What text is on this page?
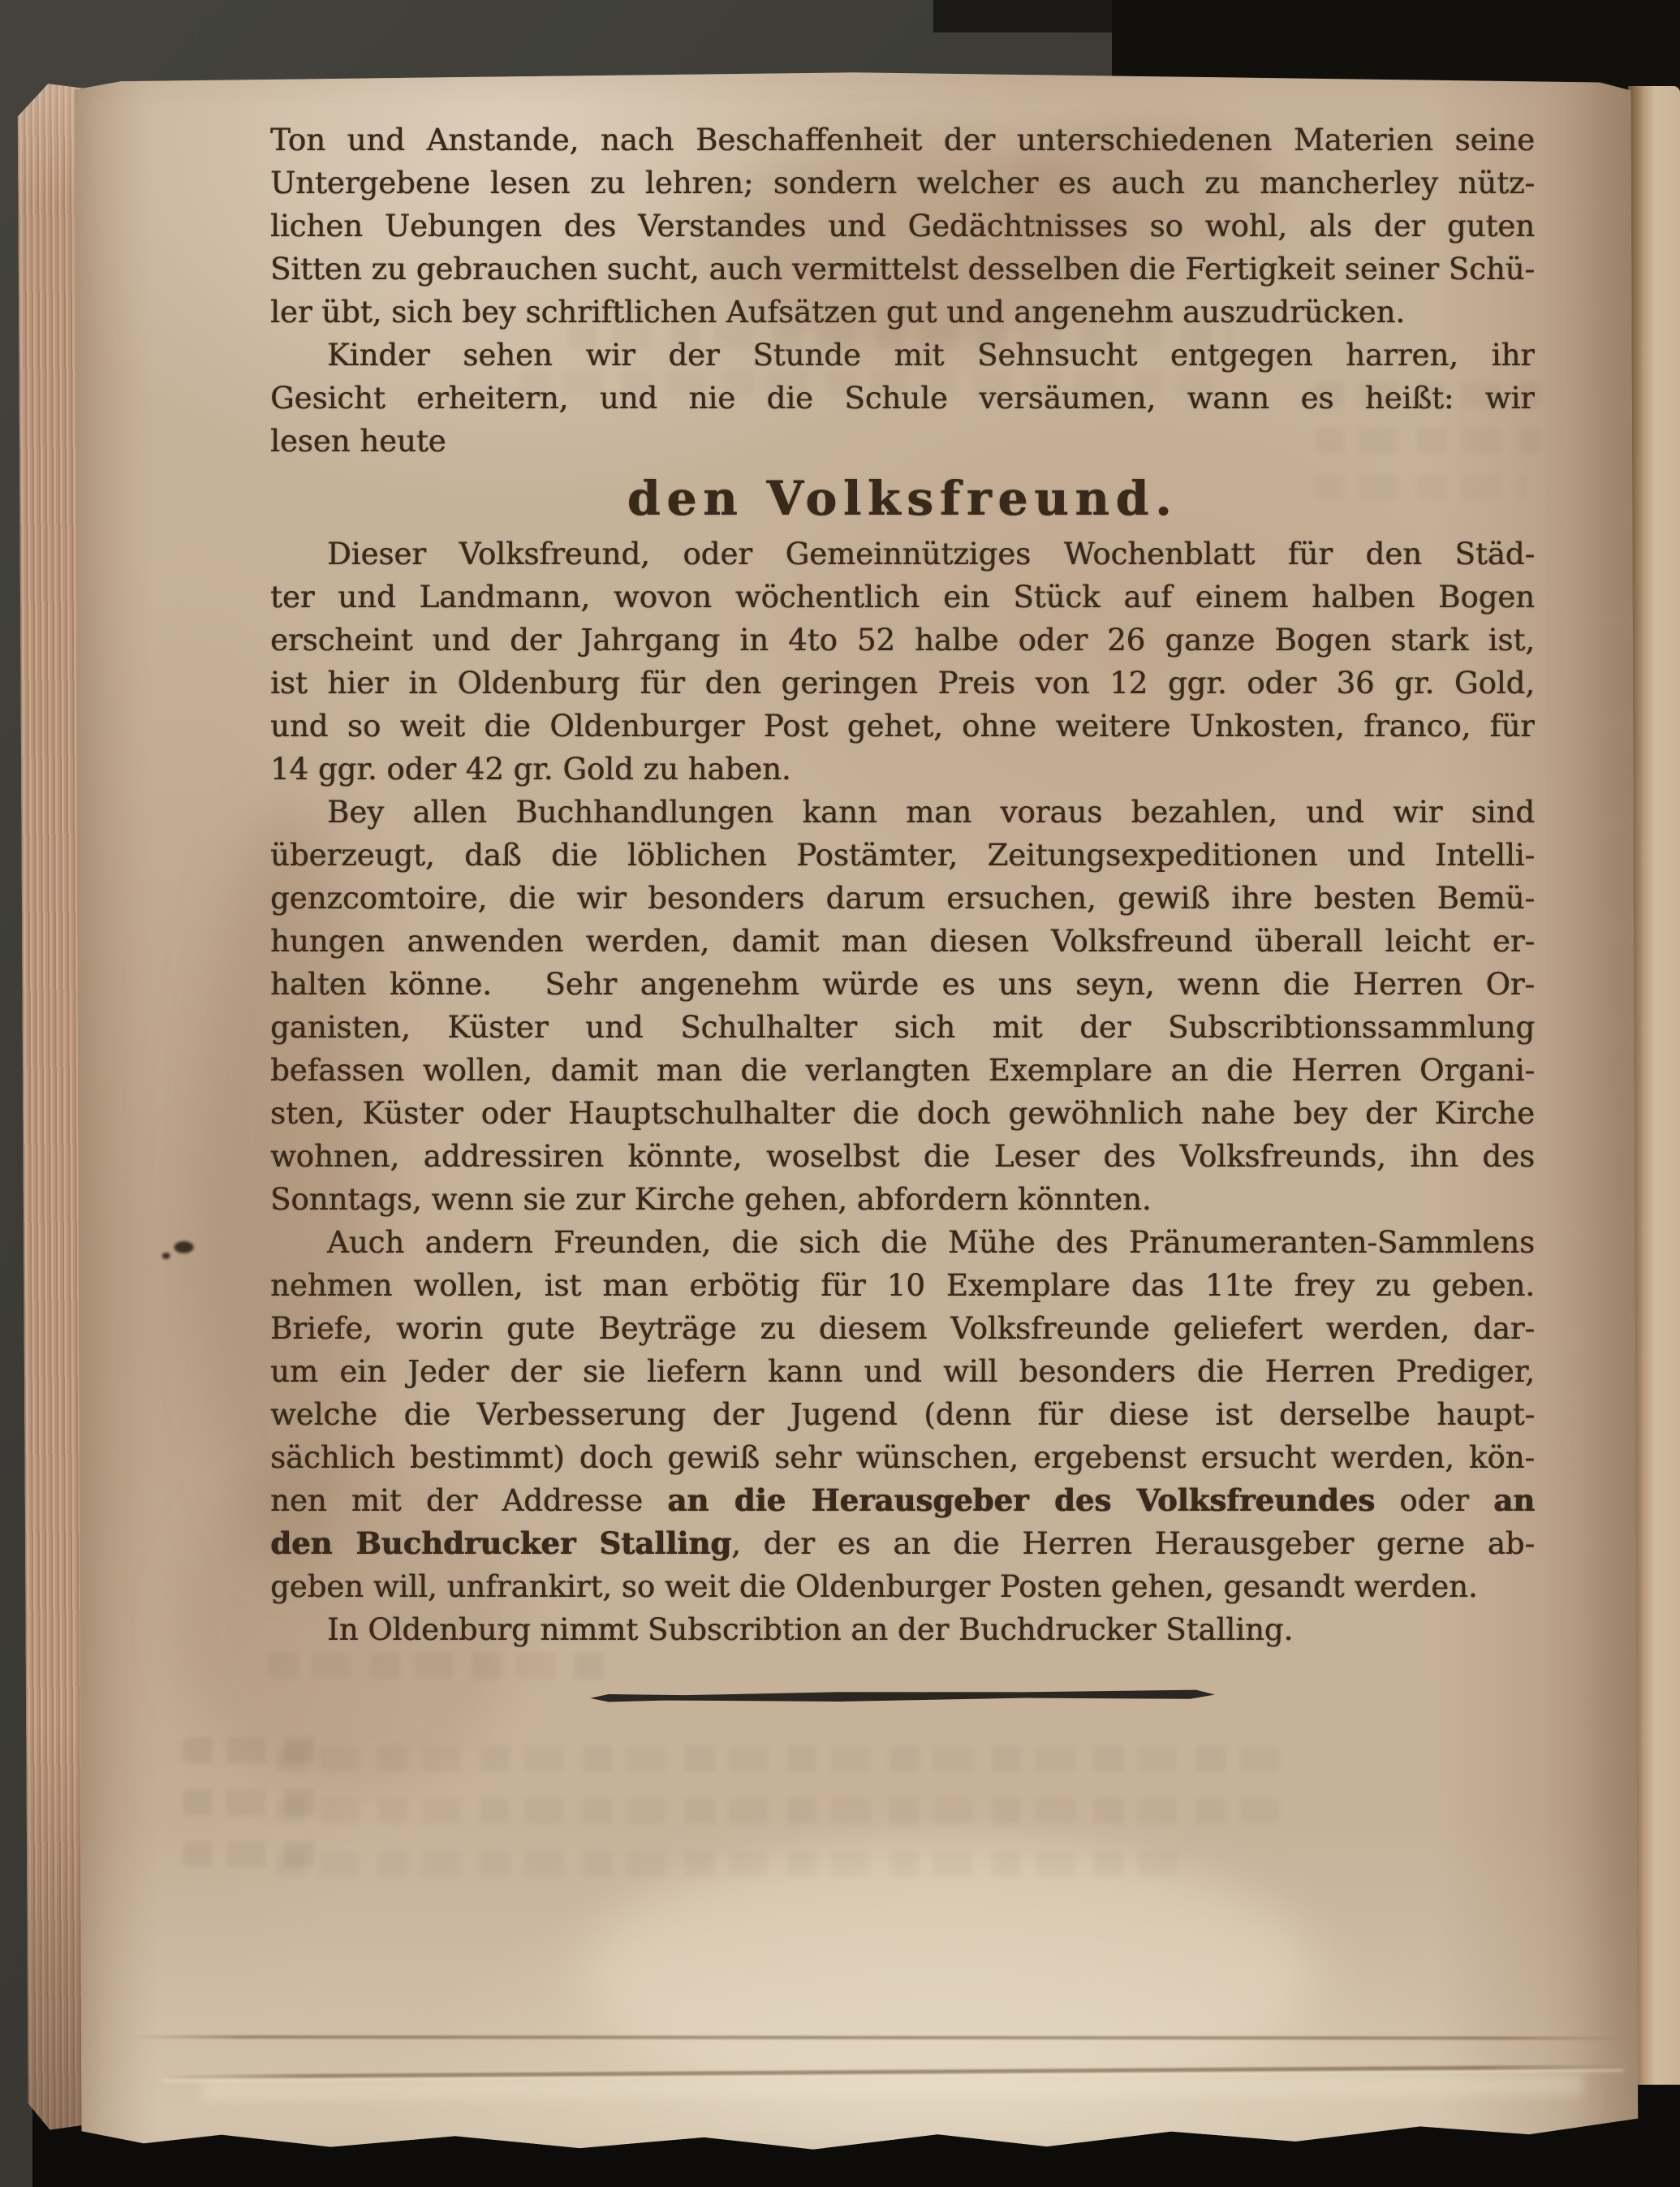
Ton und Anstande, nach Beschaffenheit der unterschiedenen Materien seine
Untergebene lesen zu lehren; sondern welcher es auch zu mancherley nütz-
lichen Uebungen des Verstandes und Gedächtnisses so wohl, als der guten
Sitten zu gebrauchen sucht, auch vermittelst desselben die Fertigkeit seiner Schü-
ler übt, sich bey schriftlichen Aufsätzen gut und angenehm auszudrücken.
Kinder sehen wir der Stunde mit Sehnsucht entgegen harren, ihr
Gesicht erheitern, und nie die Schule versäumen, wann es heißt: wir
lesen heute
den Volksfreund.
Dieser Volksfreund, oder Gemeinnütziges Wochenblatt für den Städ-
ter und Landmann, wovon wöchentlich ein Stück auf einem halben Bogen
erscheint und der Jahrgang in 4to 52 halbe oder 26 ganze Bogen stark ist,
ist hier in Oldenburg für den geringen Preis von 12 ggr. oder 36 gr. Gold,
und so weit die Oldenburger Post gehet, ohne weitere Unkosten, franco, für
14 ggr. oder 42 gr. Gold zu haben.
Bey allen Buchhandlungen kann man voraus bezahlen, und wir sind
überzeugt, daß die löblichen Postämter, Zeitungsexpeditionen und Intelli-
genzcomtoire, die wir besonders darum ersuchen, gewiß ihre besten Bemü-
hungen anwenden werden, damit man diesen Volksfreund überall leicht er-
halten könne.  Sehr angenehm würde es uns seyn, wenn die Herren Or-
ganisten, Küster und Schulhalter sich mit der Subscribtionssammlung
befassen wollen, damit man die verlangten Exemplare an die Herren Organi-
sten, Küster oder Hauptschulhalter die doch gewöhnlich nahe bey der Kirche
wohnen, addressiren könnte, woselbst die Leser des Volksfreunds, ihn des
Sonntags, wenn sie zur Kirche gehen, abfordern könnten.
Auch andern Freunden, die sich die Mühe des Pränumeranten-Sammlens
nehmen wollen, ist man erbötig für 10 Exemplare das 11te frey zu geben.
Briefe, worin gute Beyträge zu diesem Volksfreunde geliefert werden, dar-
um ein Jeder der sie liefern kann und will besonders die Herren Prediger,
welche die Verbesserung der Jugend (denn für diese ist derselbe haupt-
sächlich bestimmt) doch gewiß sehr wünschen, ergebenst ersucht werden, kön-
nen mit der Addresse an die Herausgeber des Volksfreundes oder an
den Buchdrucker Stalling, der es an die Herren Herausgeber gerne ab-
geben will, unfrankirt, so weit die Oldenburger Posten gehen, gesandt werden.
In Oldenburg nimmt Subscribtion an der Buchdrucker Stalling.
